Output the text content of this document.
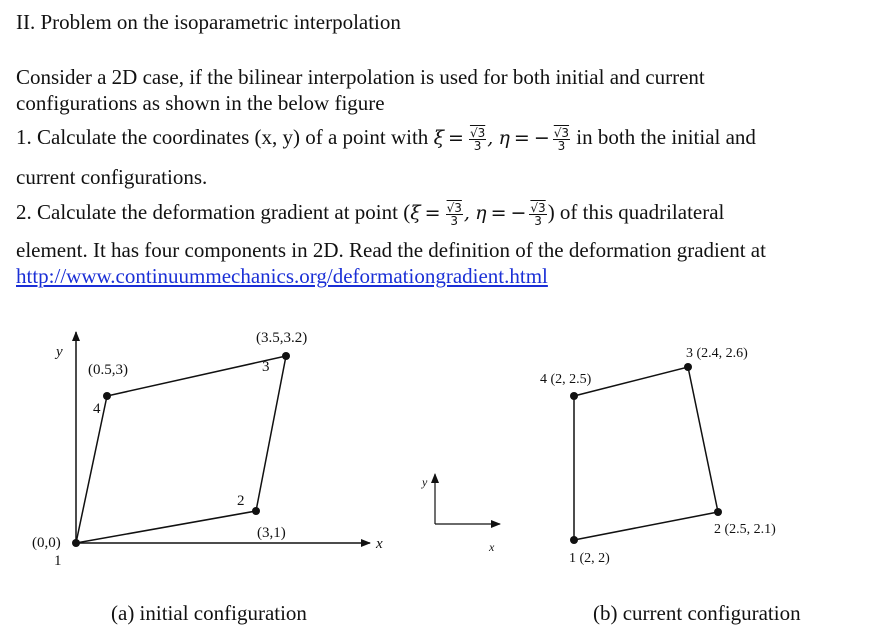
II. Problem on the isoparametric interpolation
Consider a 2D case, if the bilinear interpolation is used for both initial and current
configurations as shown in the below figure
1. Calculate the coordinates (x, y) of a point with $\xi = \frac{√3}{3}$ , η = − $\frac{√3}{3}$ in both the initial and
current configurations.
2. Calculate the deformation gradient at point ($\xi = \frac{√3}{3}$ , η = − $\frac{√3}{3}$ ) of this quadrilateral
element. It has four components in 2D. Read the definition of the deformation gradient at
http://www.continuummechanics.org/deformationgradient.html
y
x
(0,0)
1
(3,1)
2
(3.5,3.2)
3
(0.5,3)
4
(a) initial configuration
y
x
1 (2, 2)
2 (2.5, 2.1)
3 (2.4, 2.6)
4 (2, 2.5)
(b) current configuration
